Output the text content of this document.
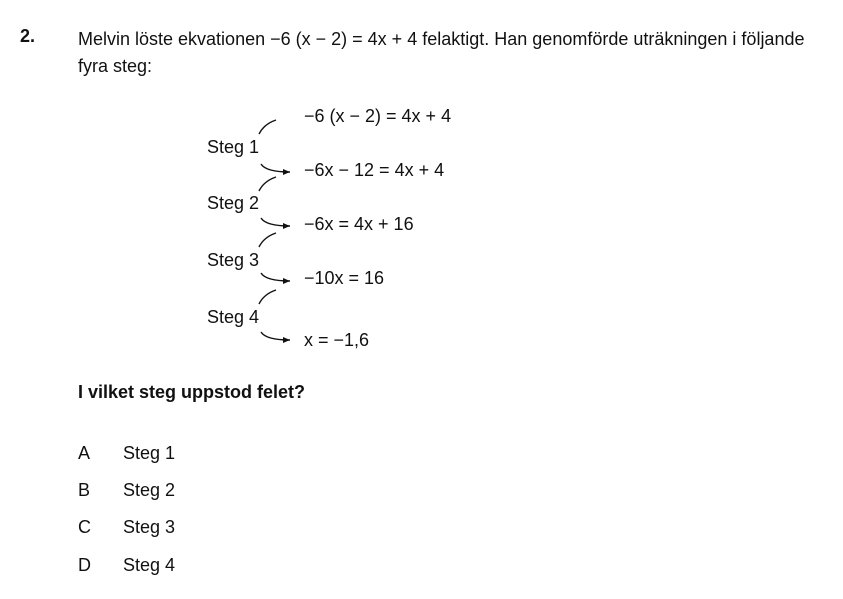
2. Melvin löste ekvationen −6 (x − 2) = 4x + 4 felaktigt. Han genomförde uträkningen i följande fyra steg:
−6 (x − 2) = 4x + 4
−6x − 12 = 4x + 4
−6x = 4x + 16
−10x = 16
x = −1,6
Steg 1
Steg 2
Steg 3
Steg 4
I vilket steg uppstod felet?
A Steg 1
B Steg 2
C Steg 3
D Steg 4
